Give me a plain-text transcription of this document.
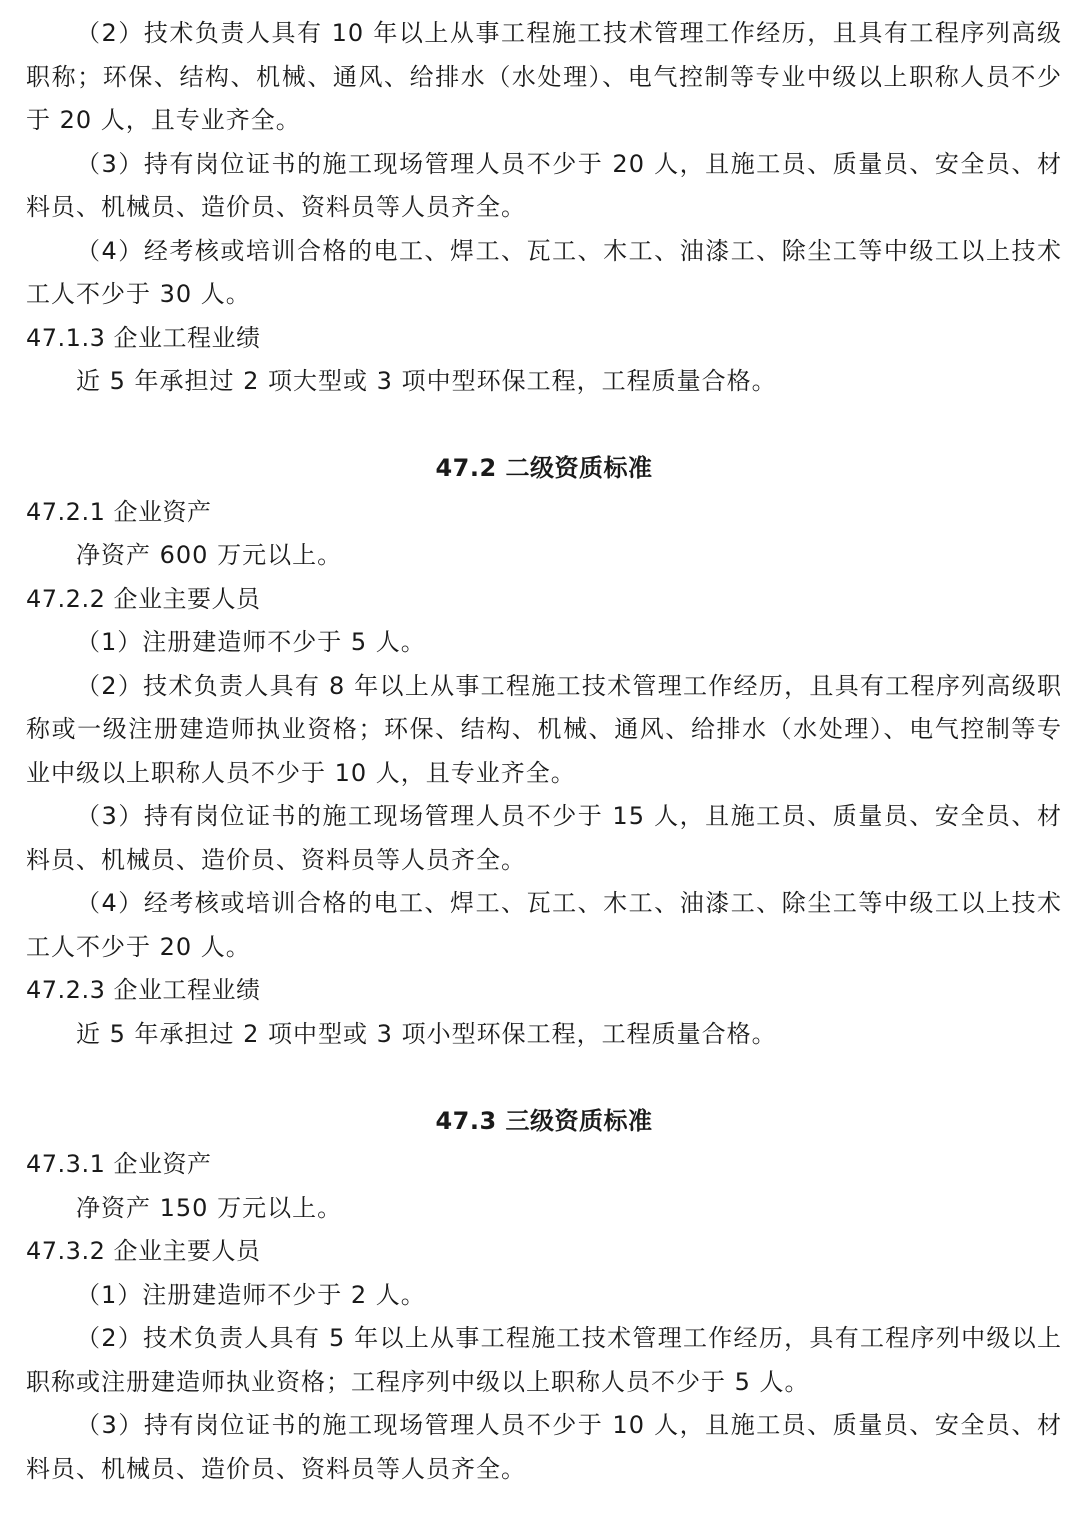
（2）技术负责人具有 10 年以上从事工程施工技术管理工作经历，且具有工程序列高级职称；环保、结构、机械、通风、给排水（水处理）、电气控制等专业中级以上职称人员不少于 20 人，且专业齐全。

（3）持有岗位证书的施工现场管理人员不少于 20 人，且施工员、质量员、安全员、材料员、机械员、造价员、资料员等人员齐全。

（4）经考核或培训合格的电工、焊工、瓦工、木工、油漆工、除尘工等中级工以上技术工人不少于 30 人。

47.1.3 企业工程业绩

近 5 年承担过 2 项大型或 3 项中型环保工程，工程质量合格。

47.2 二级资质标准
47.2.1 企业资产

净资产 600 万元以上。

47.2.2 企业主要人员

（1）注册建造师不少于 5 人。

（2）技术负责人具有 8 年以上从事工程施工技术管理工作经历，且具有工程序列高级职称或一级注册建造师执业资格；环保、结构、机械、通风、给排水（水处理）、电气控制等专业中级以上职称人员不少于 10 人，且专业齐全。

（3）持有岗位证书的施工现场管理人员不少于 15 人，且施工员、质量员、安全员、材料员、机械员、造价员、资料员等人员齐全。

（4）经考核或培训合格的电工、焊工、瓦工、木工、油漆工、除尘工等中级工以上技术工人不少于 20 人。

47.2.3 企业工程业绩

近 5 年承担过 2 项中型或 3 项小型环保工程，工程质量合格。

47.3 三级资质标准
47.3.1 企业资产

净资产 150 万元以上。

47.3.2 企业主要人员

（1）注册建造师不少于 2 人。

（2）技术负责人具有 5 年以上从事工程施工技术管理工作经历，具有工程序列中级以上职称或注册建造师执业资格；工程序列中级以上职称人员不少于 5 人。

（3）持有岗位证书的施工现场管理人员不少于 10 人，且施工员、质量员、安全员、材料员、机械员、造价员、资料员等人员齐全。
